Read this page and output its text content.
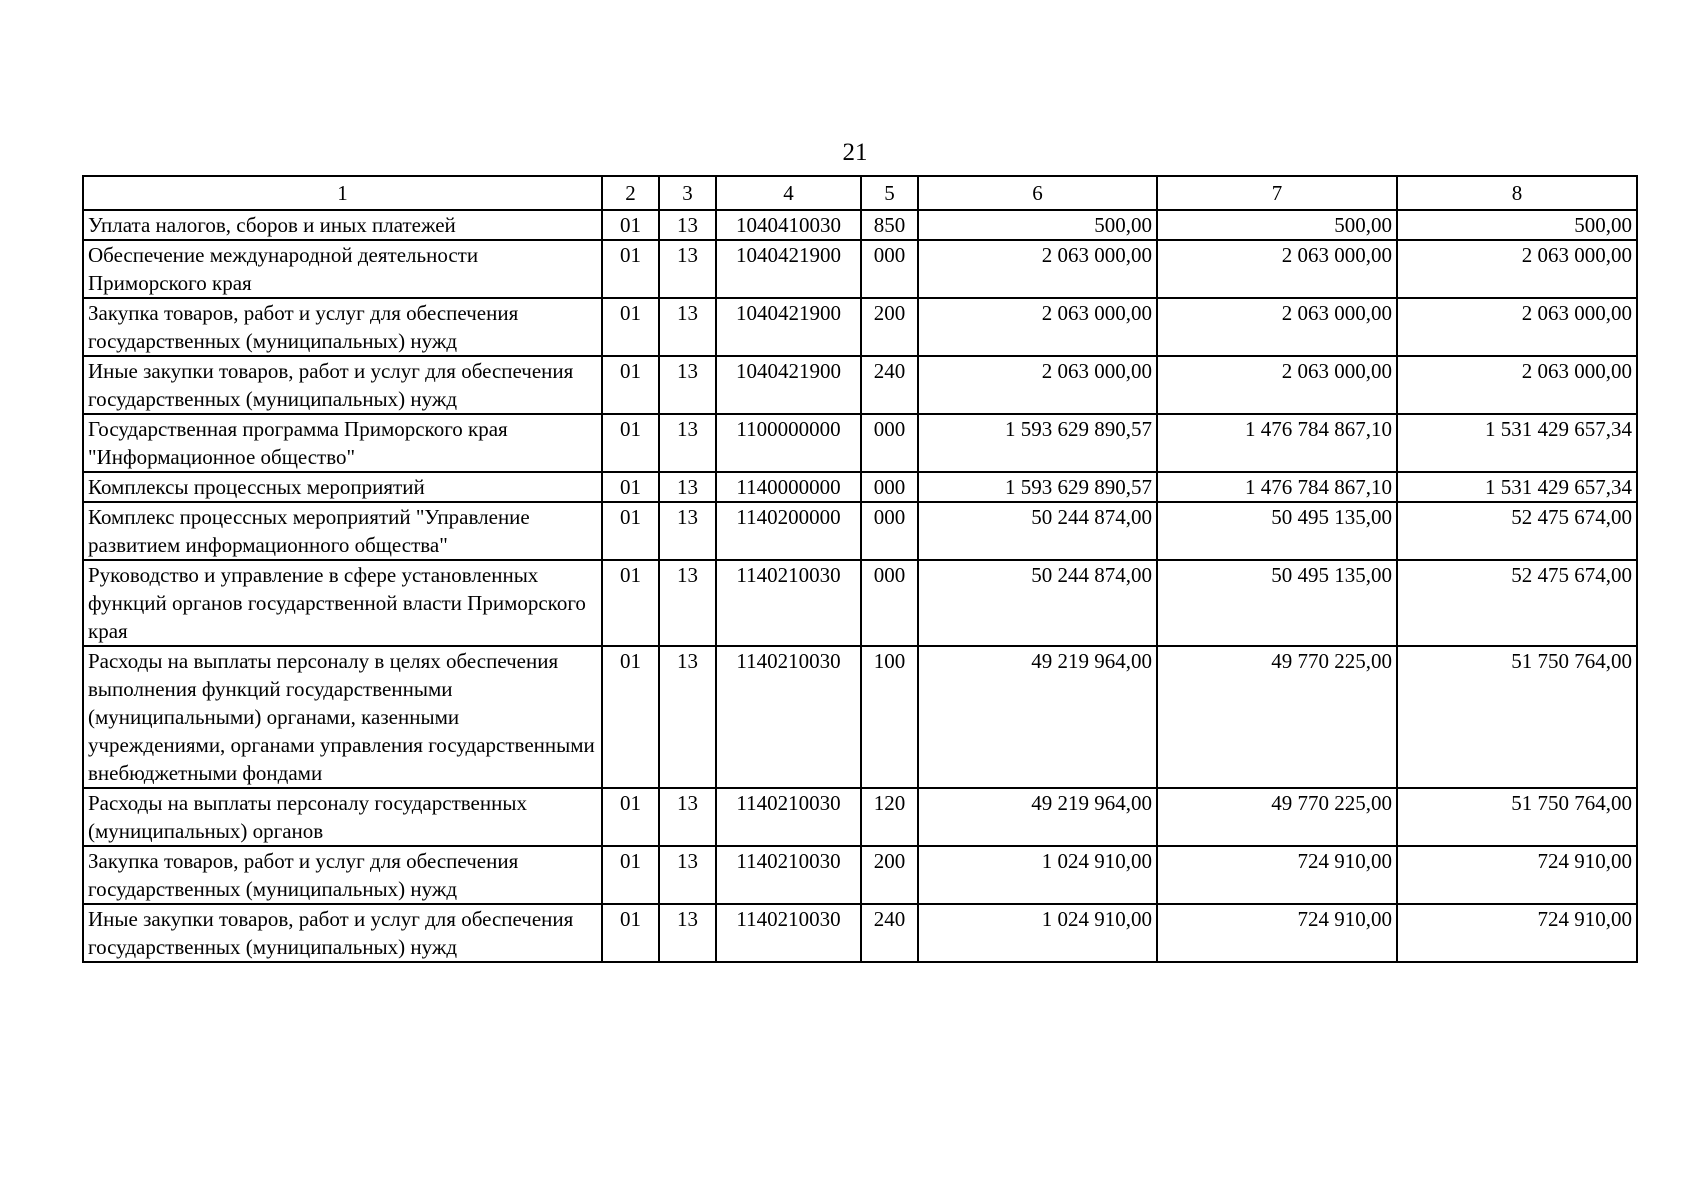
21
1	2	3	4	5	6	7	8
Уплата налогов, сборов и иных платежей	01	13	1040410030	850	500,00	500,00	500,00
Обеспечение международной деятельности Приморского края	01	13	1040421900	000	2 063 000,00	2 063 000,00	2 063 000,00
Закупка товаров, работ и услуг для обеспечения государственных (муниципальных) нужд	01	13	1040421900	200	2 063 000,00	2 063 000,00	2 063 000,00
Иные закупки товаров, работ и услуг для обеспечения государственных (муниципальных) нужд	01	13	1040421900	240	2 063 000,00	2 063 000,00	2 063 000,00
Государственная программа Приморского края "Информационное общество"	01	13	1100000000	000	1 593 629 890,57	1 476 784 867,10	1 531 429 657,34
Комплексы процессных мероприятий	01	13	1140000000	000	1 593 629 890,57	1 476 784 867,10	1 531 429 657,34
Комплекс процессных мероприятий "Управление развитием информационного общества"	01	13	1140200000	000	50 244 874,00	50 495 135,00	52 475 674,00
Руководство и управление в сфере установленных функций органов государственной власти Приморского края	01	13	1140210030	000	50 244 874,00	50 495 135,00	52 475 674,00
Расходы на выплаты персоналу в целях обеспечения выполнения функций государственными (муниципальными) органами, казенными учреждениями, органами управления государственными внебюджетными фондами	01	13	1140210030	100	49 219 964,00	49 770 225,00	51 750 764,00
Расходы на выплаты персоналу государственных (муниципальных) органов	01	13	1140210030	120	49 219 964,00	49 770 225,00	51 750 764,00
Закупка товаров, работ и услуг для обеспечения государственных (муниципальных) нужд	01	13	1140210030	200	1 024 910,00	724 910,00	724 910,00
Иные закупки товаров, работ и услуг для обеспечения государственных (муниципальных) нужд	01	13	1140210030	240	1 024 910,00	724 910,00	724 910,00
